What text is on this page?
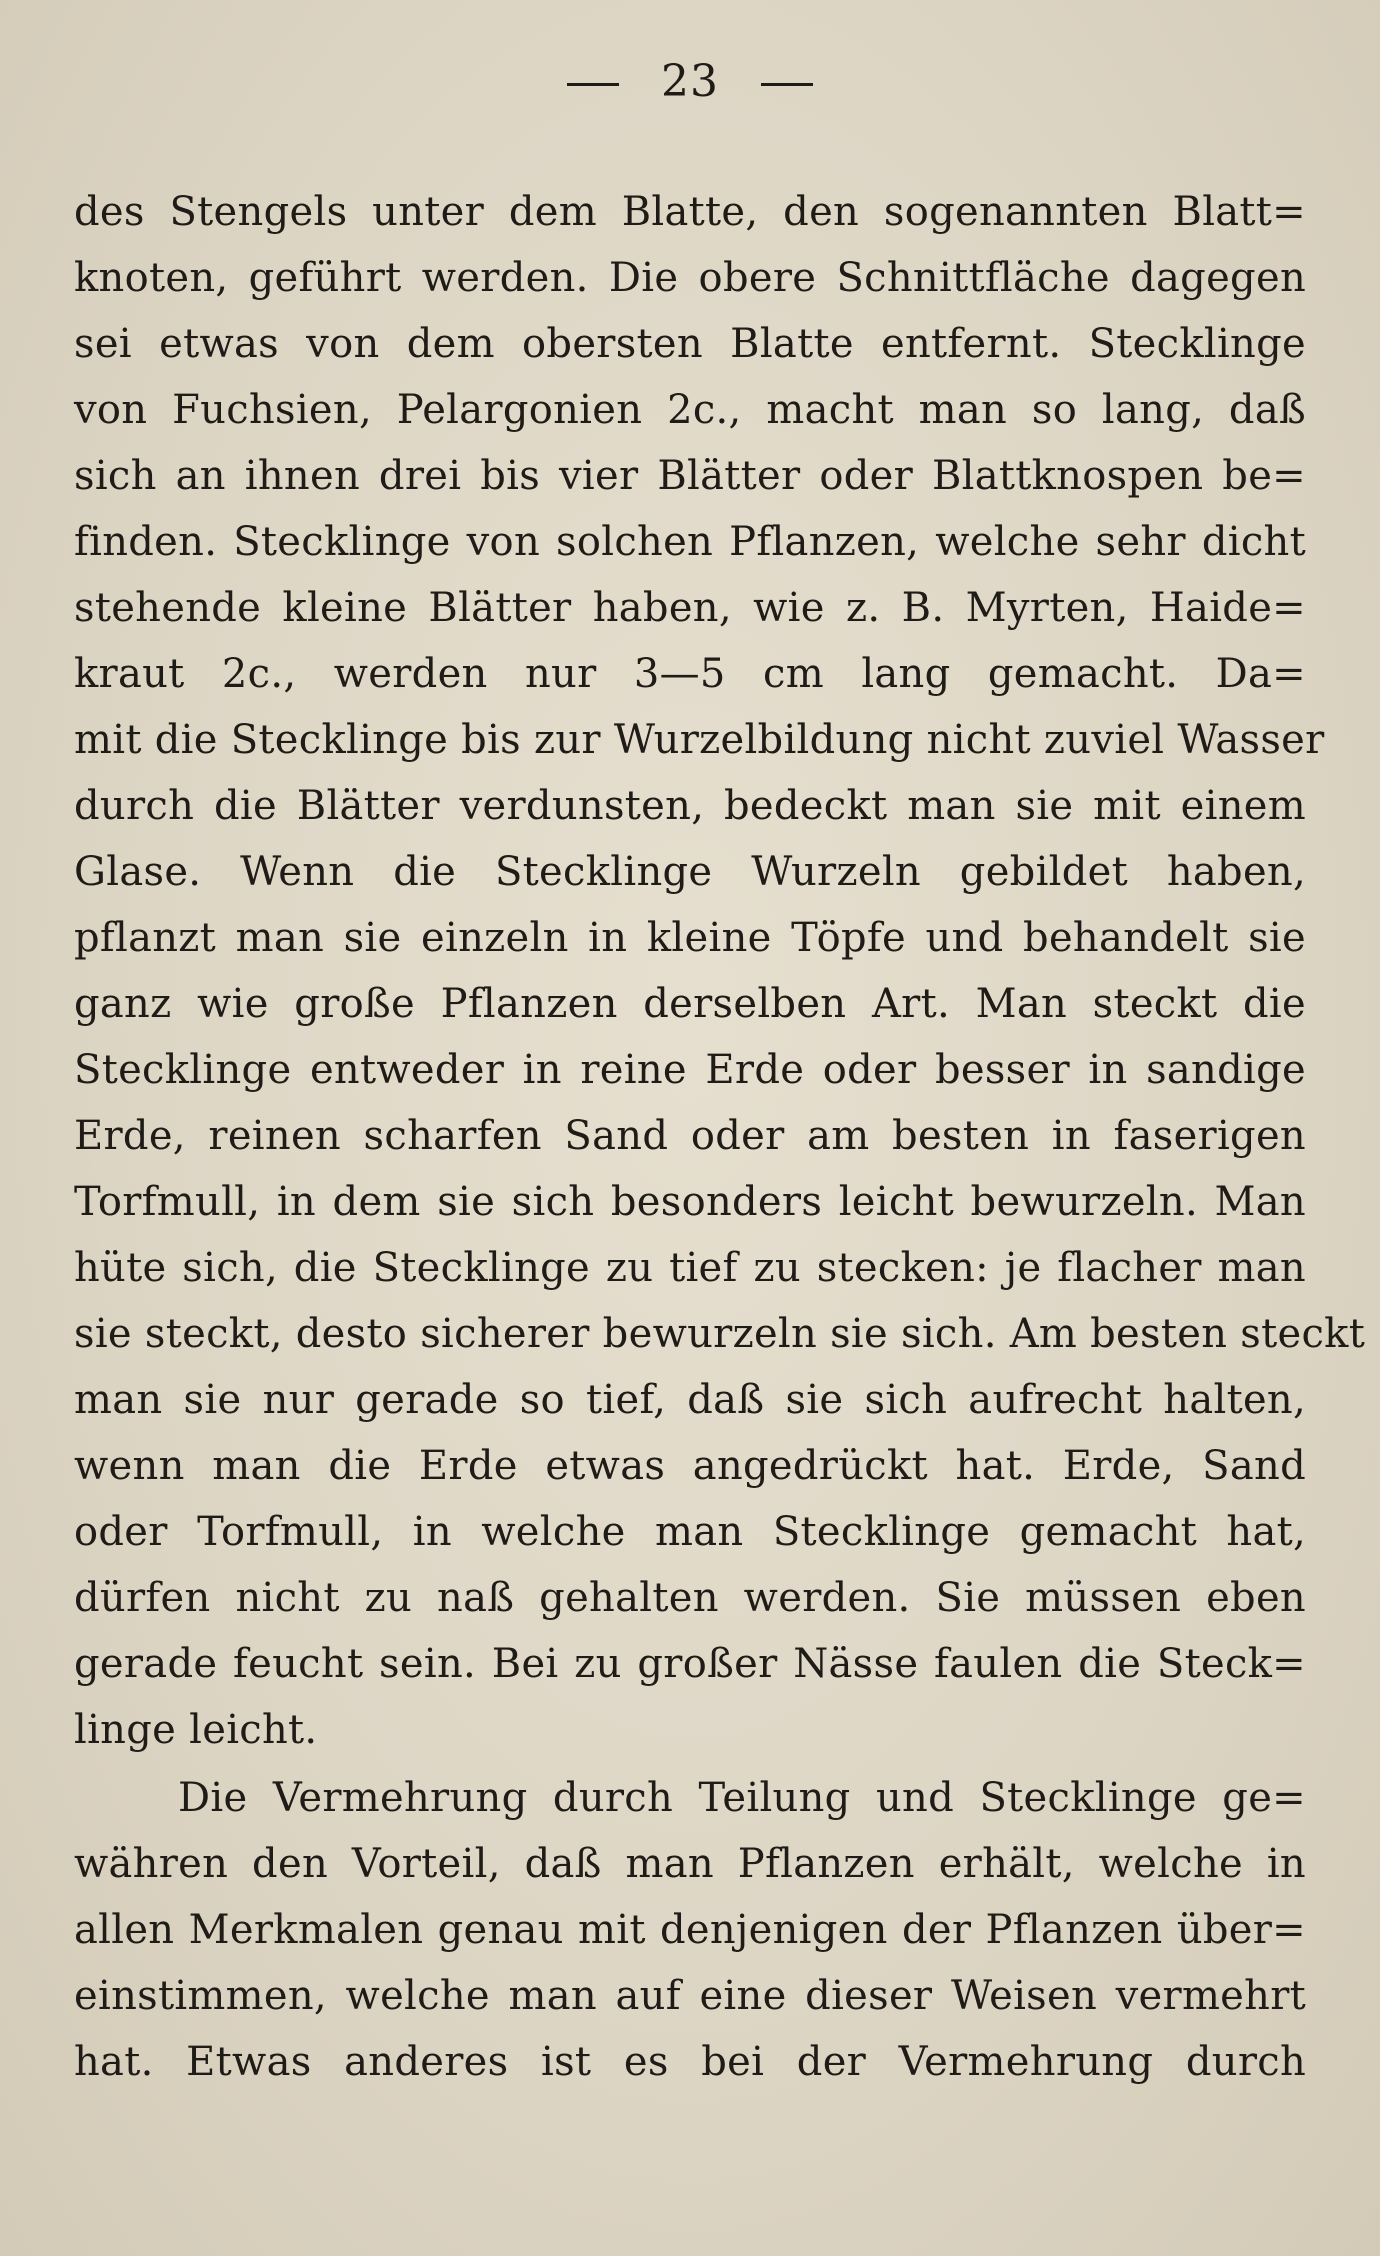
23
des Stengels unter dem Blatte, den sogenannten Blatt=
knoten, geführt werden. Die obere Schnittfläche dagegen
sei etwas von dem obersten Blatte entfernt. Stecklinge
von Fuchsien, Pelargonien 2c., macht man so lang, daß
sich an ihnen drei bis vier Blätter oder Blattknospen be=
finden. Stecklinge von solchen Pflanzen, welche sehr dicht
stehende kleine Blätter haben, wie z. B. Myrten, Haide=
kraut 2c., werden nur 3—5 cm lang gemacht. Da=
mit die Stecklinge bis zur Wurzelbildung nicht zuviel Wasser
durch die Blätter verdunsten, bedeckt man sie mit einem
Glase. Wenn die Stecklinge Wurzeln gebildet haben,
pflanzt man sie einzeln in kleine Töpfe und behandelt sie
ganz wie große Pflanzen derselben Art. Man steckt die
Stecklinge entweder in reine Erde oder besser in sandige
Erde, reinen scharfen Sand oder am besten in faserigen
Torfmull, in dem sie sich besonders leicht bewurzeln. Man
hüte sich, die Stecklinge zu tief zu stecken: je flacher man
sie steckt, desto sicherer bewurzeln sie sich. Am besten steckt
man sie nur gerade so tief, daß sie sich aufrecht halten,
wenn man die Erde etwas angedrückt hat. Erde, Sand
oder Torfmull, in welche man Stecklinge gemacht hat,
dürfen nicht zu naß gehalten werden. Sie müssen eben
gerade feucht sein. Bei zu großer Nässe faulen die Steck=
linge leicht.
Die Vermehrung durch Teilung und Stecklinge ge=
währen den Vorteil, daß man Pflanzen erhält, welche in
allen Merkmalen genau mit denjenigen der Pflanzen über=
einstimmen, welche man auf eine dieser Weisen vermehrt
hat. Etwas anderes ist es bei der Vermehrung durch
